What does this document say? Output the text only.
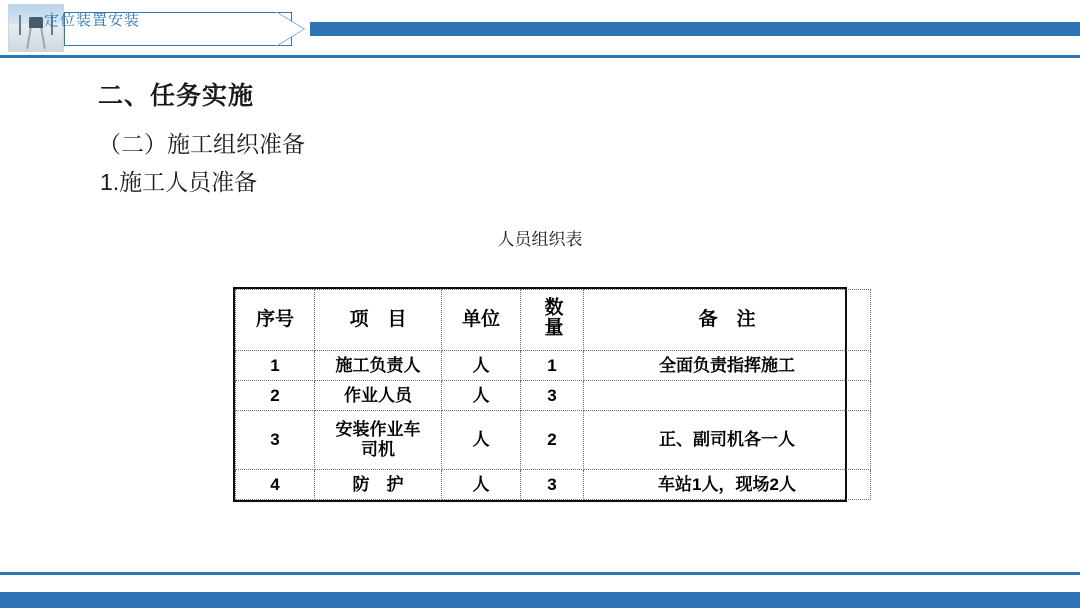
定位装置安装
二、任务实施
（二）施工组织准备
1.施工人员准备
人员组织表
序号	项　目	单位	数量	备　注
1	施工负责人	人	1	全面负责指挥施工
2	作业人员	人	3	
3	安装作业车
司机	人	2	正、副司机各一人
4	防　护	人	3	车站1人，现场2人
